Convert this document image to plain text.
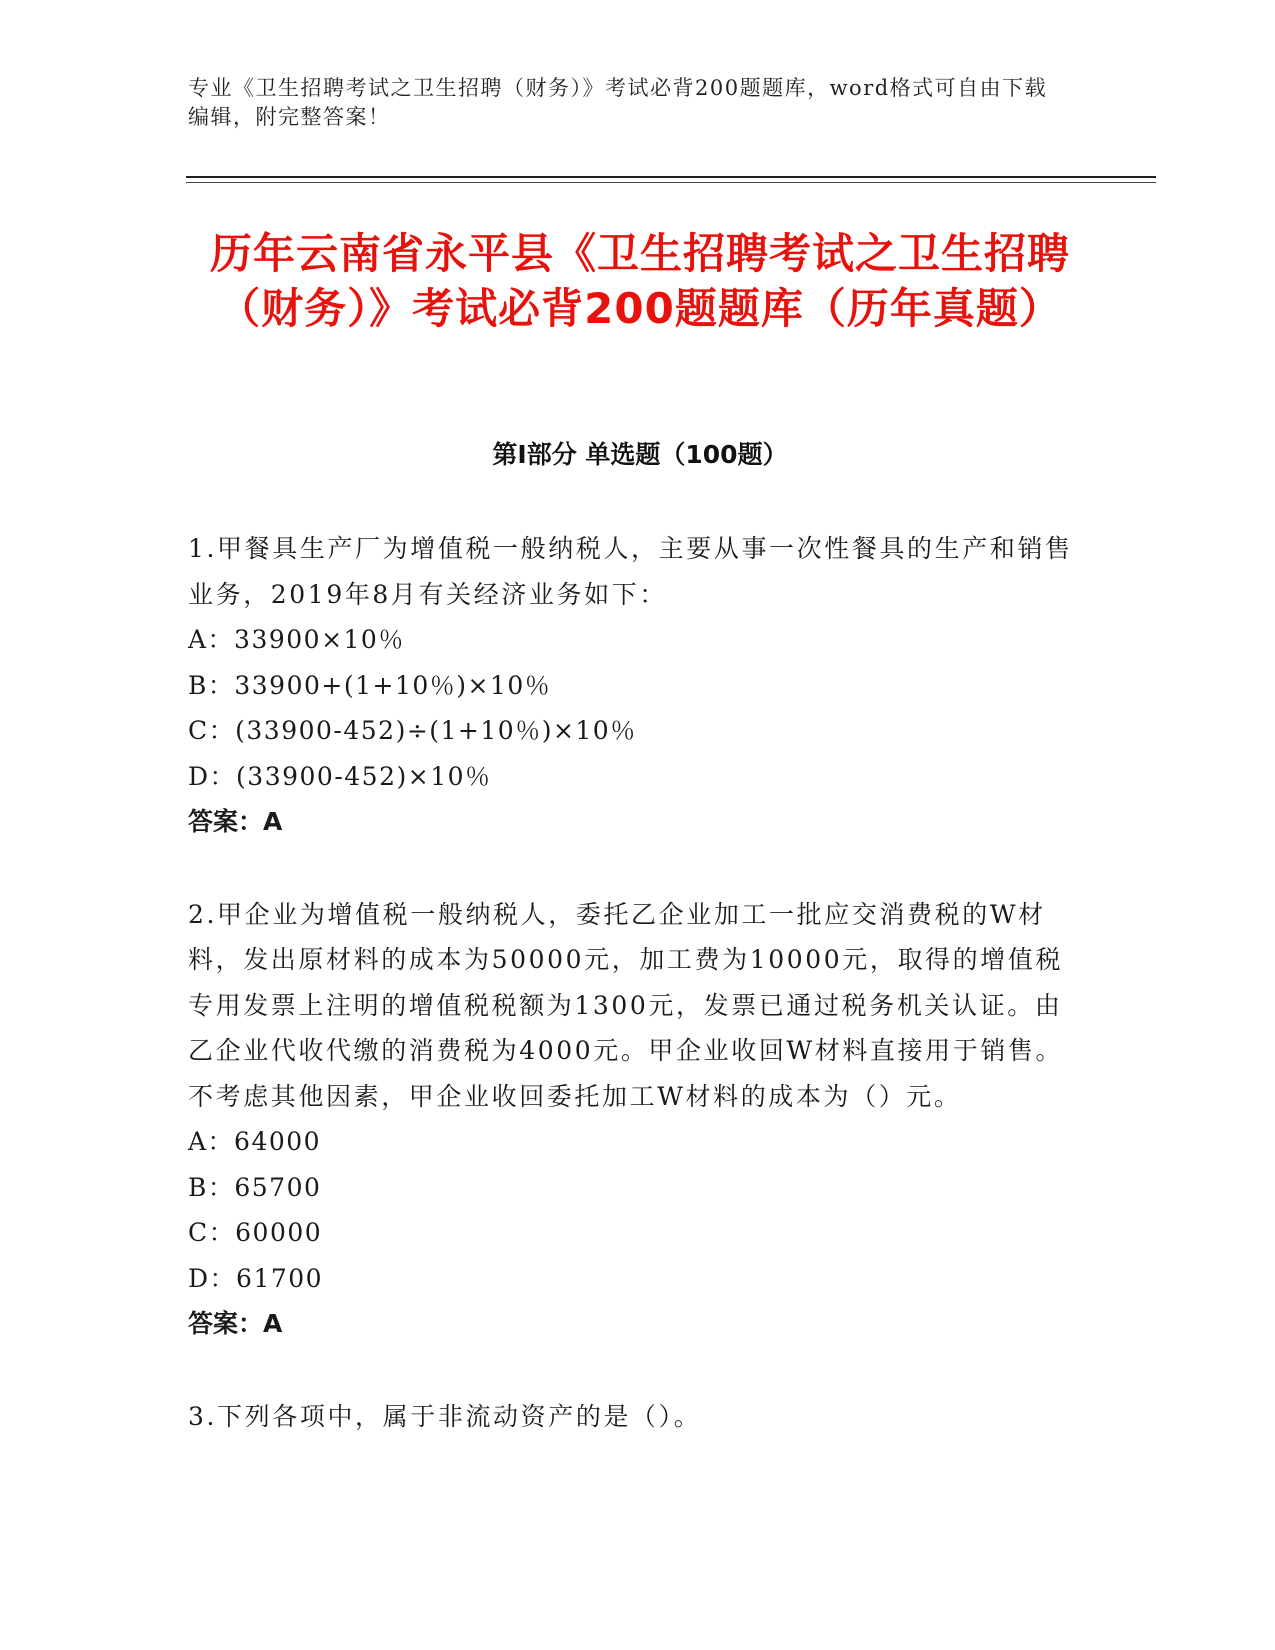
专业《卫生招聘考试之卫生招聘（财务）》考试必背200题题库，word格式可自由下载编辑，附完整答案！
历年云南省永平县《卫生招聘考试之卫生招聘（财务）》考试必背200题题库（历年真题）
第I部分 单选题（100题）

1.甲餐具生产厂为增值税一般纳税人，主要从事一次性餐具的生产和销售业务，2019年8月有关经济业务如下：

A：33900×10％

B：33900+(1+10％)×10％

C：(33900-452)÷(1+10％)×10％

D：(33900-452)×10％

答案：A

2.甲企业为增值税一般纳税人，委托乙企业加工一批应交消费税的W材料，发出原材料的成本为50000元，加工费为10000元，取得的增值税专用发票上注明的增值税税额为1300元，发票已通过税务机关认证。由乙企业代收代缴的消费税为4000元。甲企业收回W材料直接用于销售。不考虑其他因素，甲企业收回委托加工W材料的成本为（）元。

A：64000

B：65700

C：60000

D：61700

答案：A

3.下列各项中，属于非流动资产的是（）。
